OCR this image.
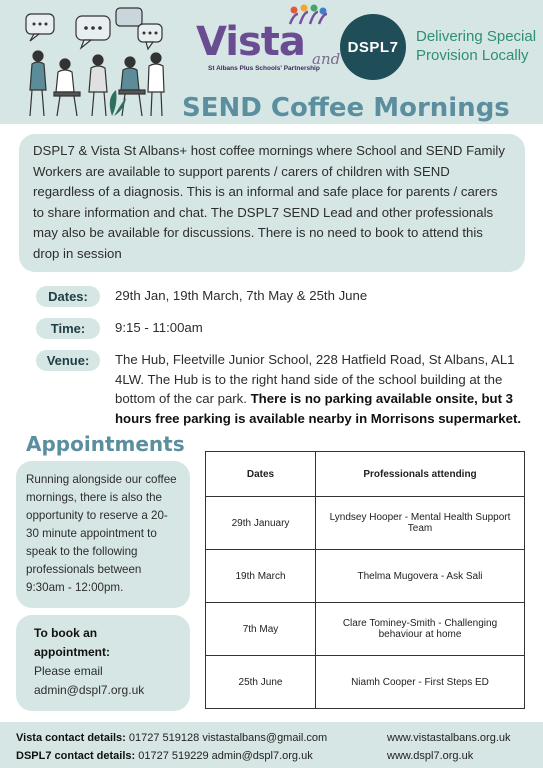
Vista
St Albans Plus Schools' Partnership
and
DSPL7
Delivering Special Provision Locally
SEND Coffee Mornings
DSPL7 & Vista St Albans+ host coffee mornings where School and SEND Family Workers are available to support parents / carers of children with SEND regardless of a diagnosis. This is an informal and safe place for parents / carers to share information and chat. The DSPL7 SEND Lead and other professionals may also be available for discussions. There is no need to book to attend this drop in session
Dates:	29th Jan, 19th March, 7th May & 25th June
Time:	9:15 - 11:00am
Venue:	The Hub, Fleetville Junior School, 228 Hatfield Road, St Albans, AL1 4LW. The Hub is to the right hand side of the school building at the bottom of the car park. There is no parking available onsite, but 3 hours free parking is available nearby in Morrisons supermarket.
Appointments
Running alongside our coffee mornings, there is also the opportunity to reserve a 20-30 minute appointment to speak to the following professionals between 9:30am - 12:00pm.
To book an appointment:
Please email admin@dspl7.org.uk
Dates	Professionals attending
29th January	Lyndsey Hooper - Mental Health Support Team
19th March	Thelma Mugovera - Ask Sali
7th May	Clare Tominey-Smith - Challenging behaviour at home
25th June	Niamh Cooper - First Steps ED
Vista contact details: 01727 519128 vistastalbans@gmail.com	www.vistastalbans.org.uk
DSPL7 contact details: 01727 519229 admin@dspl7.org.uk	www.dspl7.org.uk
